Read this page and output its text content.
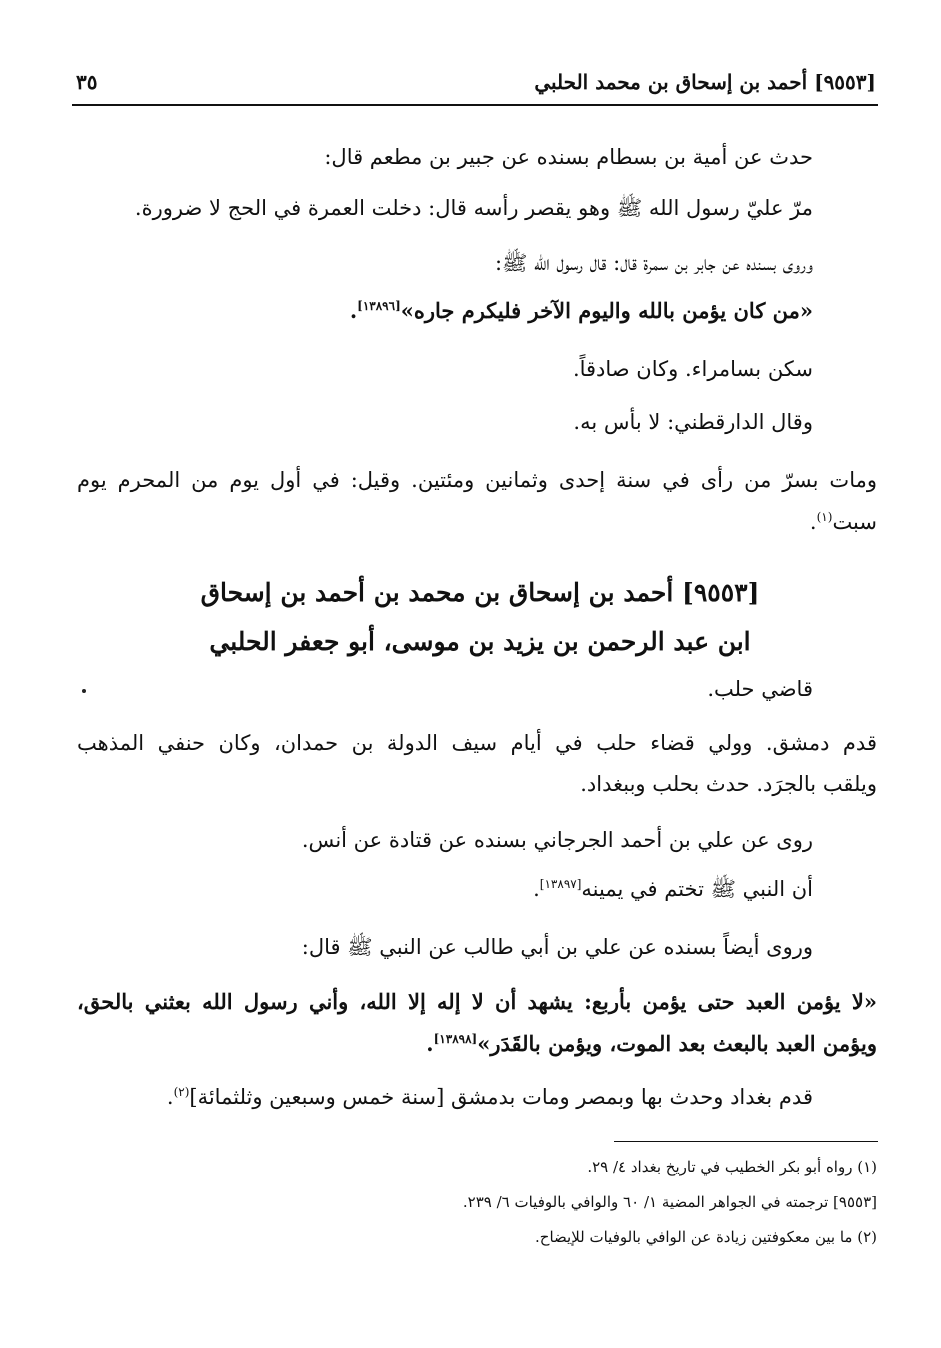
[٩٥٥٣] أحمد بن إسحاق بن محمد الحلبي
٣٥
حدث عن أمية بن بسطام بسنده عن جبير بن مطعم قال:
مرّ عليّ رسول الله ﷺ وهو يقصر رأسه قال: دخلت العمرة في الحج لا ضرورة.
وروى بسنده عن جابر بن سمرة قال: قال رسول الله ﷺ:
«من كان يؤمن بالله واليوم الآخر فليكرم جاره»[١٣٨٩٦].
سكن بسامراء. وكان صادقاً.
وقال الدارقطني: لا بأس به.
ومات بسرّ من رأى في سنة إحدى وثمانين ومئتين. وقيل: في أول يوم من المحرم يوم
سبت$^{(١)}$.
[٩٥٥٣] أحمد بن إسحاق بن محمد بن أحمد بن إسحاق
ابن عبد الرحمن بن يزيد بن موسى، أبو جعفر الحلبي
قاضي حلب.
قدم دمشق. وولي قضاء حلب في أيام سيف الدولة بن حمدان، وكان حنفي المذهب
ويلقب بالجرَد. حدث بحلب وببغداد.
روى عن علي بن أحمد الجرجاني بسنده عن قتادة عن أنس.
أن النبي ﷺ تختم في يمينه[١٣٨٩٧].
وروى أيضاً بسنده عن علي بن أبي طالب عن النبي ﷺ قال:
«لا يؤمن العبد حتى يؤمن بأربع: يشهد أن لا إله إلا الله، وأني رسول الله بعثني بالحق،
ويؤمن العبد بالبعث بعد الموت، ويؤمن بالقَدَر»[١٣٨٩٨].
قدم بغداد وحدث بها وبمصر ومات بدمشق [سنة خمس وسبعين وثلثمائة]$^{(٢)}$.
(١) رواه أبو بكر الخطيب في تاريخ بغداد ٤/ ٢٩.
[٩٥٥٣] ترجمته في الجواهر المضية ١/ ٦٠ والوافي بالوفيات ٦/ ٢٣٩.
(٢) ما بين معكوفتين زيادة عن الوافي بالوفيات للإيضاح.
